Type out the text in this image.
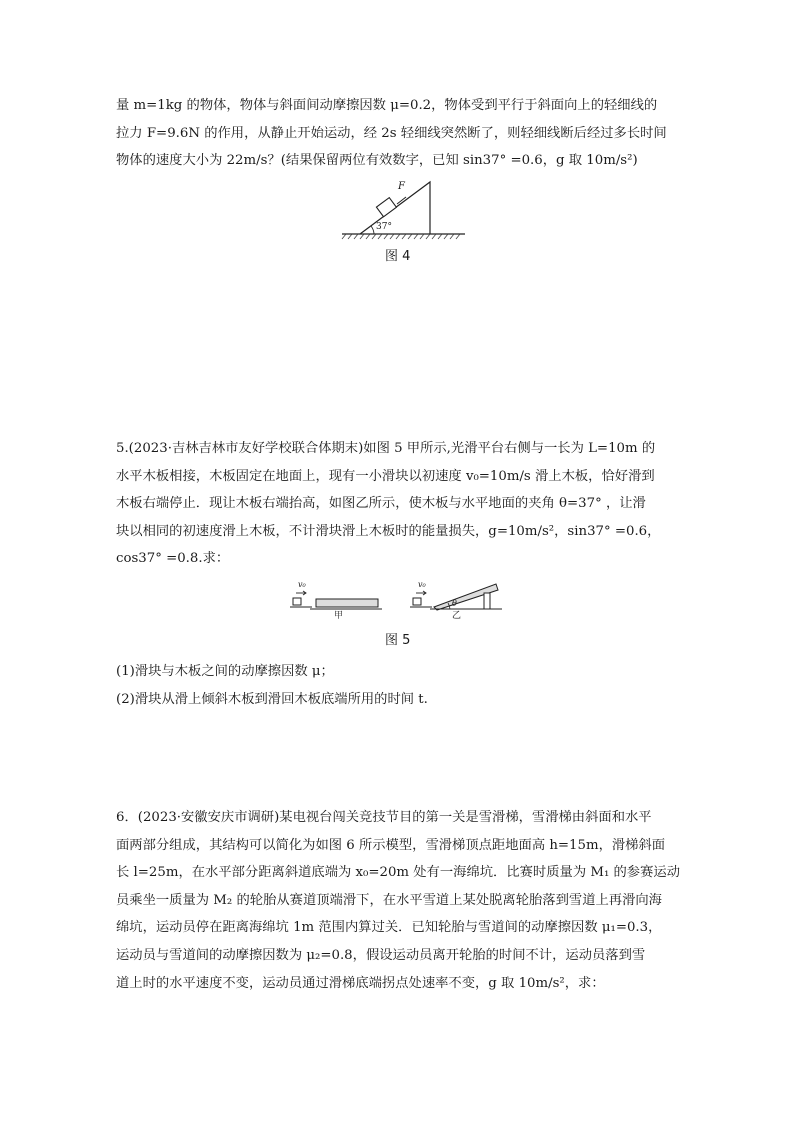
量 m=1kg 的物体，物体与斜面间动摩擦因数 μ=0.2，物体受到平行于斜面向上的轻细线的
拉力 F=9.6N 的作用，从静止开始运动，经 2s 轻细线突然断了，则轻细线断后经过多长时间
物体的速度大小为 22m/s？(结果保留两位有效数字，已知 sin37° =0.6，g 取 10m/s²)

F
37°
图 4

5.(2023·吉林吉林市友好学校联合体期末)如图 5 甲所示,光滑平台右侧与一长为 L=10m 的
水平木板相接，木板固定在地面上，现有一小滑块以初速度 v₀=10m/s 滑上木板，恰好滑到
木板右端停止．现让木板右端抬高，如图乙所示，使木板与水平地面的夹角 θ=37° ，让滑
块以相同的初速度滑上木板，不计滑块滑上木板时的能量损失，g=10m/s²，sin37° =0.6，
cos37° =0.8.求：

v₀
甲
θ
v₀
乙
图 5

(1)滑块与木板之间的动摩擦因数 μ；
(2)滑块从滑上倾斜木板到滑回木板底端所用的时间 t.

6．(2023·安徽安庆市调研)某电视台闯关竞技节目的第一关是雪滑梯，雪滑梯由斜面和水平
面两部分组成，其结构可以简化为如图 6 所示模型，雪滑梯顶点距地面高 h=15m，滑梯斜面
长 l=25m，在水平部分距离斜道底端为 x₀=20m 处有一海绵坑．比赛时质量为 M₁ 的参赛运动
员乘坐一质量为 M₂ 的轮胎从赛道顶端滑下，在水平雪道上某处脱离轮胎落到雪道上再滑向海
绵坑，运动员停在距离海绵坑 1m 范围内算过关．已知轮胎与雪道间的动摩擦因数 μ₁=0.3，
运动员与雪道间的动摩擦因数为 μ₂=0.8，假设运动员离开轮胎的时间不计，运动员落到雪
道上时的水平速度不变，运动员通过滑梯底端拐点处速率不变，g 取 10m/s²，求：
